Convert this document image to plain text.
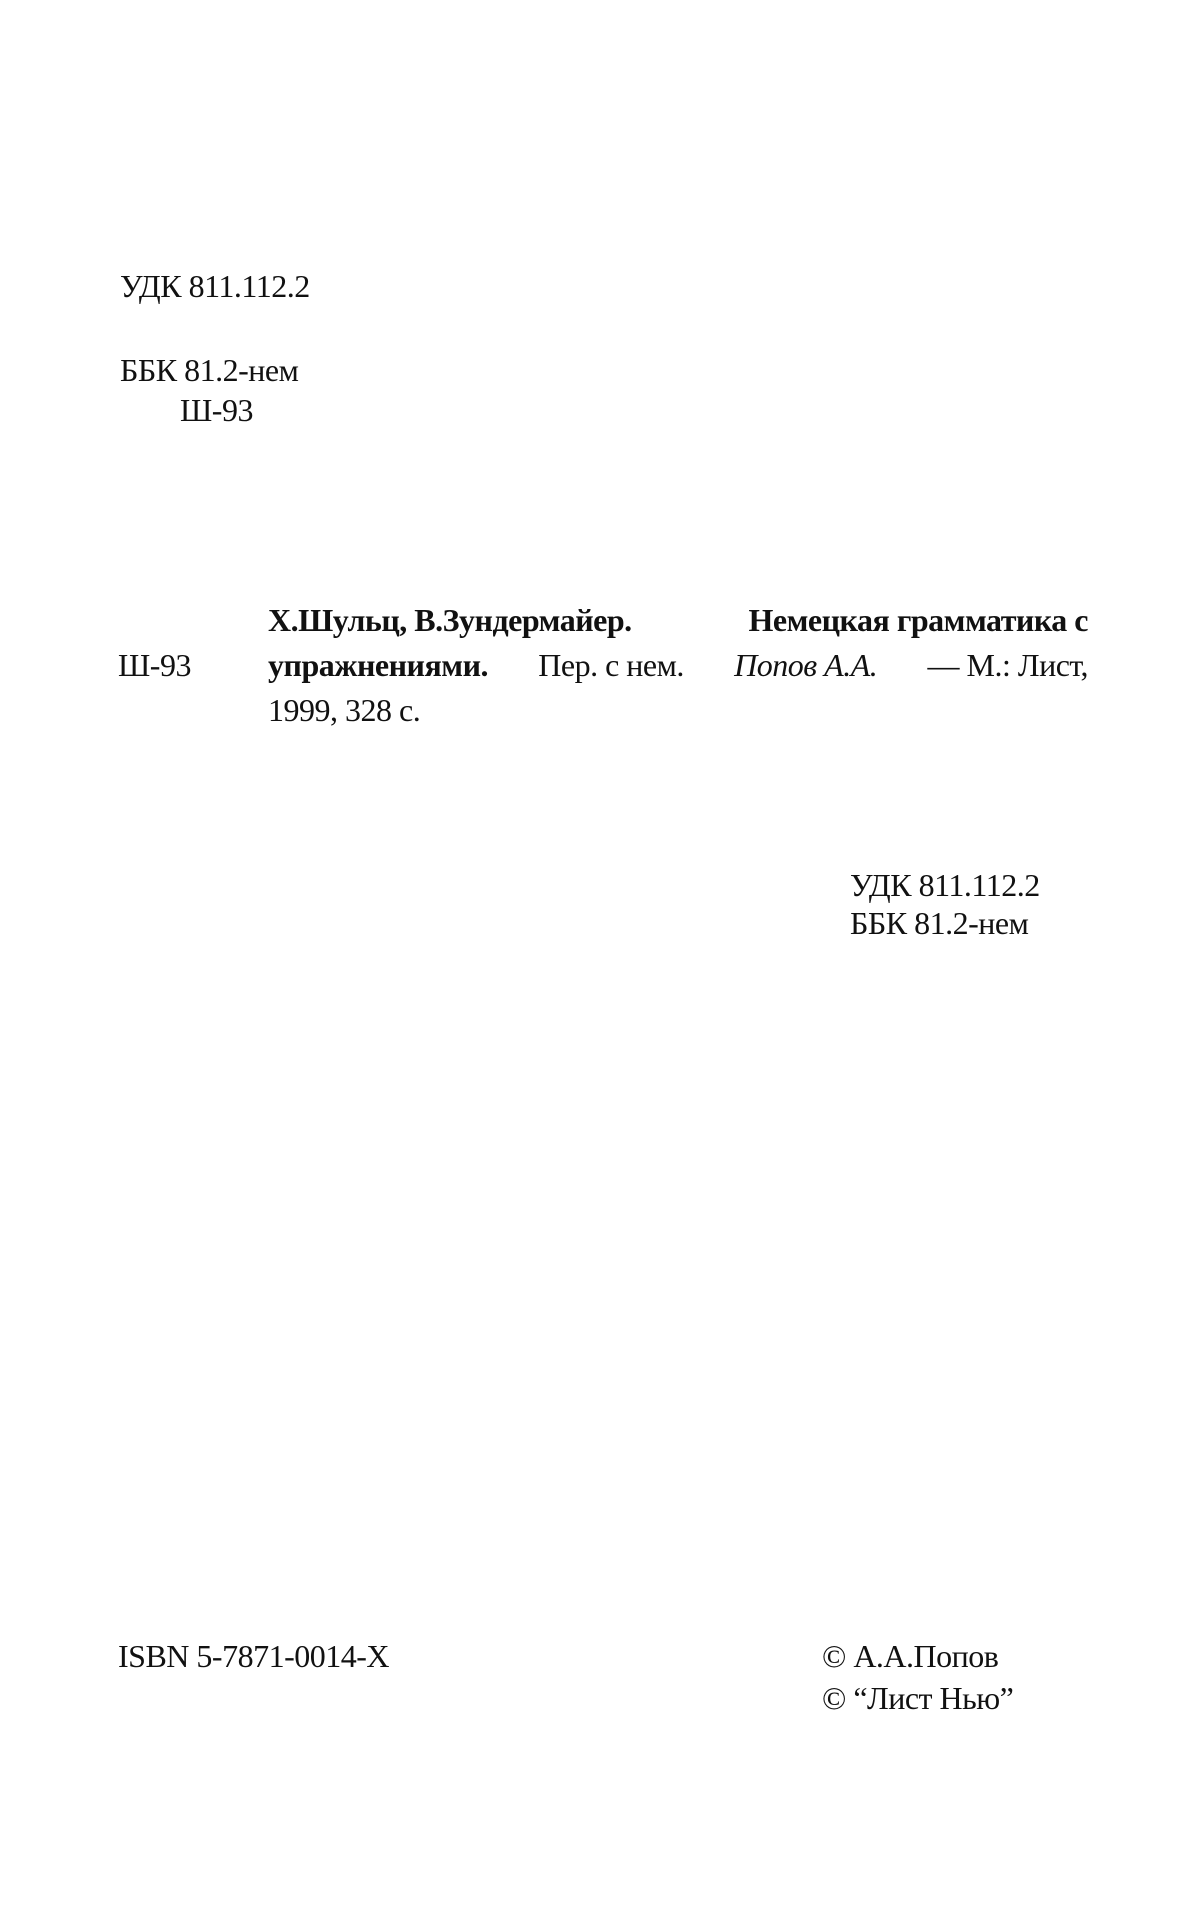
УДК 811.112.2
ББК 81.2-нем
Ш-93
Ш-93
Х.Шульц, В.Зундермайер.	Немецкая грамматика с
упражнениями. Пер. с нем. Попов А.А. — М.: Лист,
1999, 328 с.
УДК 811.112.2
ББК 81.2-нем
ISBN 5-7871-0014-X	© А.А.Попов
© “Лист Нью”
